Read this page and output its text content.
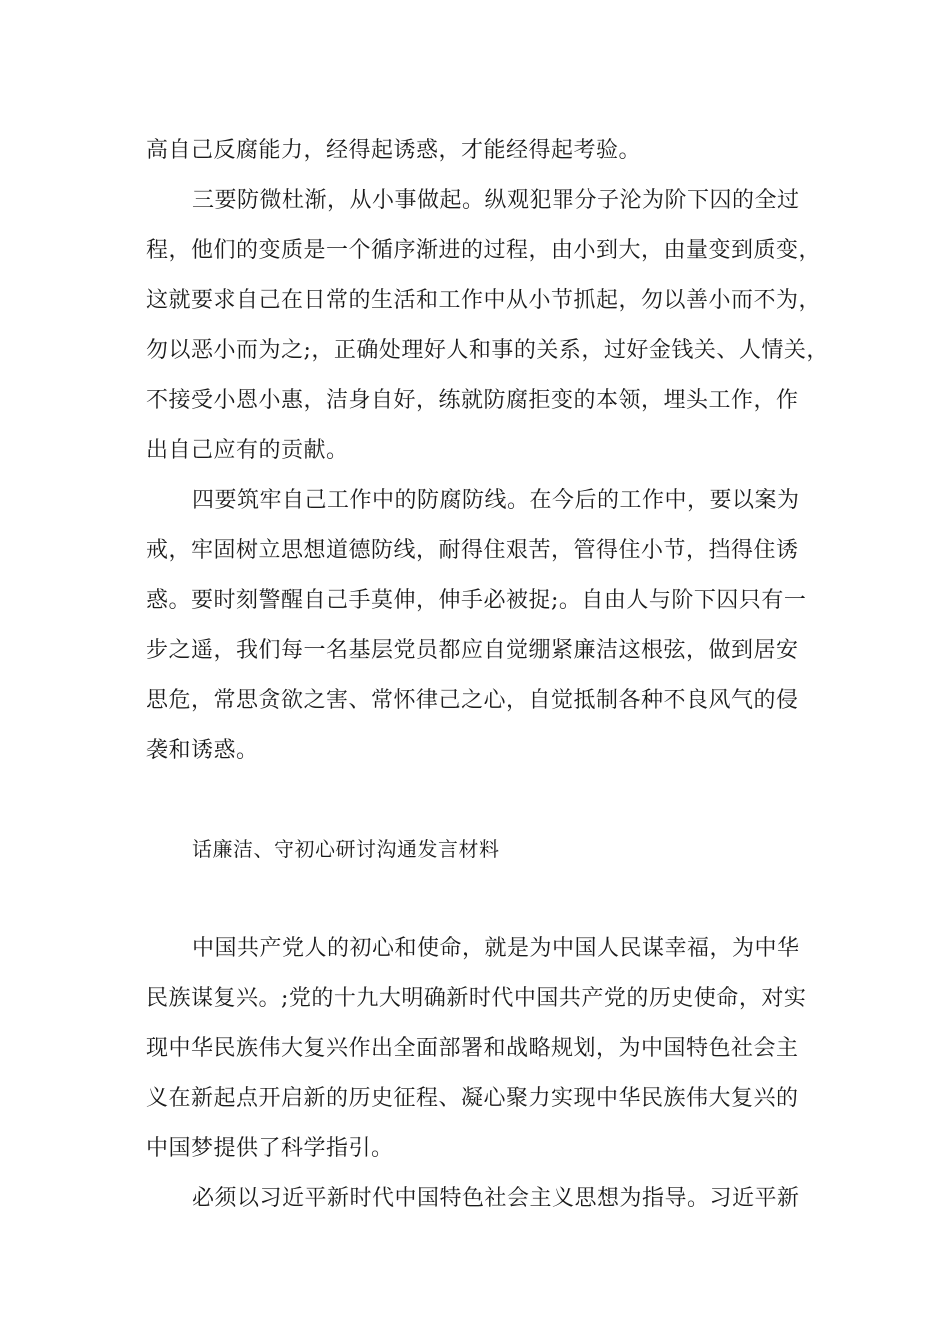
高自己反腐能力，经得起诱惑，才能经得起考验。
三要防微杜渐，从小事做起。纵观犯罪分子沦为阶下囚的全过
程，他们的变质是一个循序渐进的过程，由小到大，由量变到质变，
这就要求自己在日常的生活和工作中从小节抓起，勿以善小而不为，
勿以恶小而为之;，正确处理好人和事的关系，过好金钱关、人情关，
不接受小恩小惠，洁身自好，练就防腐拒变的本领，埋头工作，作
出自己应有的贡献。
四要筑牢自己工作中的防腐防线。在今后的工作中，要以案为
戒，牢固树立思想道德防线，耐得住艰苦，管得住小节，挡得住诱
惑。要时刻警醒自己手莫伸，伸手必被捉;。自由人与阶下囚只有一
步之遥，我们每一名基层党员都应自觉绷紧廉洁这根弦，做到居安
思危，常思贪欲之害、常怀律己之心，自觉抵制各种不良风气的侵
袭和诱惑。
话廉洁、守初心研讨沟通发言材料
中国共产党人的初心和使命，就是为中国人民谋幸福，为中华
民族谋复兴。;党的十九大明确新时代中国共产党的历史使命，对实
现中华民族伟大复兴作出全面部署和战略规划，为中国特色社会主
义在新起点开启新的历史征程、凝心聚力实现中华民族伟大复兴的
中国梦提供了科学指引。
必须以习近平新时代中国特色社会主义思想为指导。习近平新
